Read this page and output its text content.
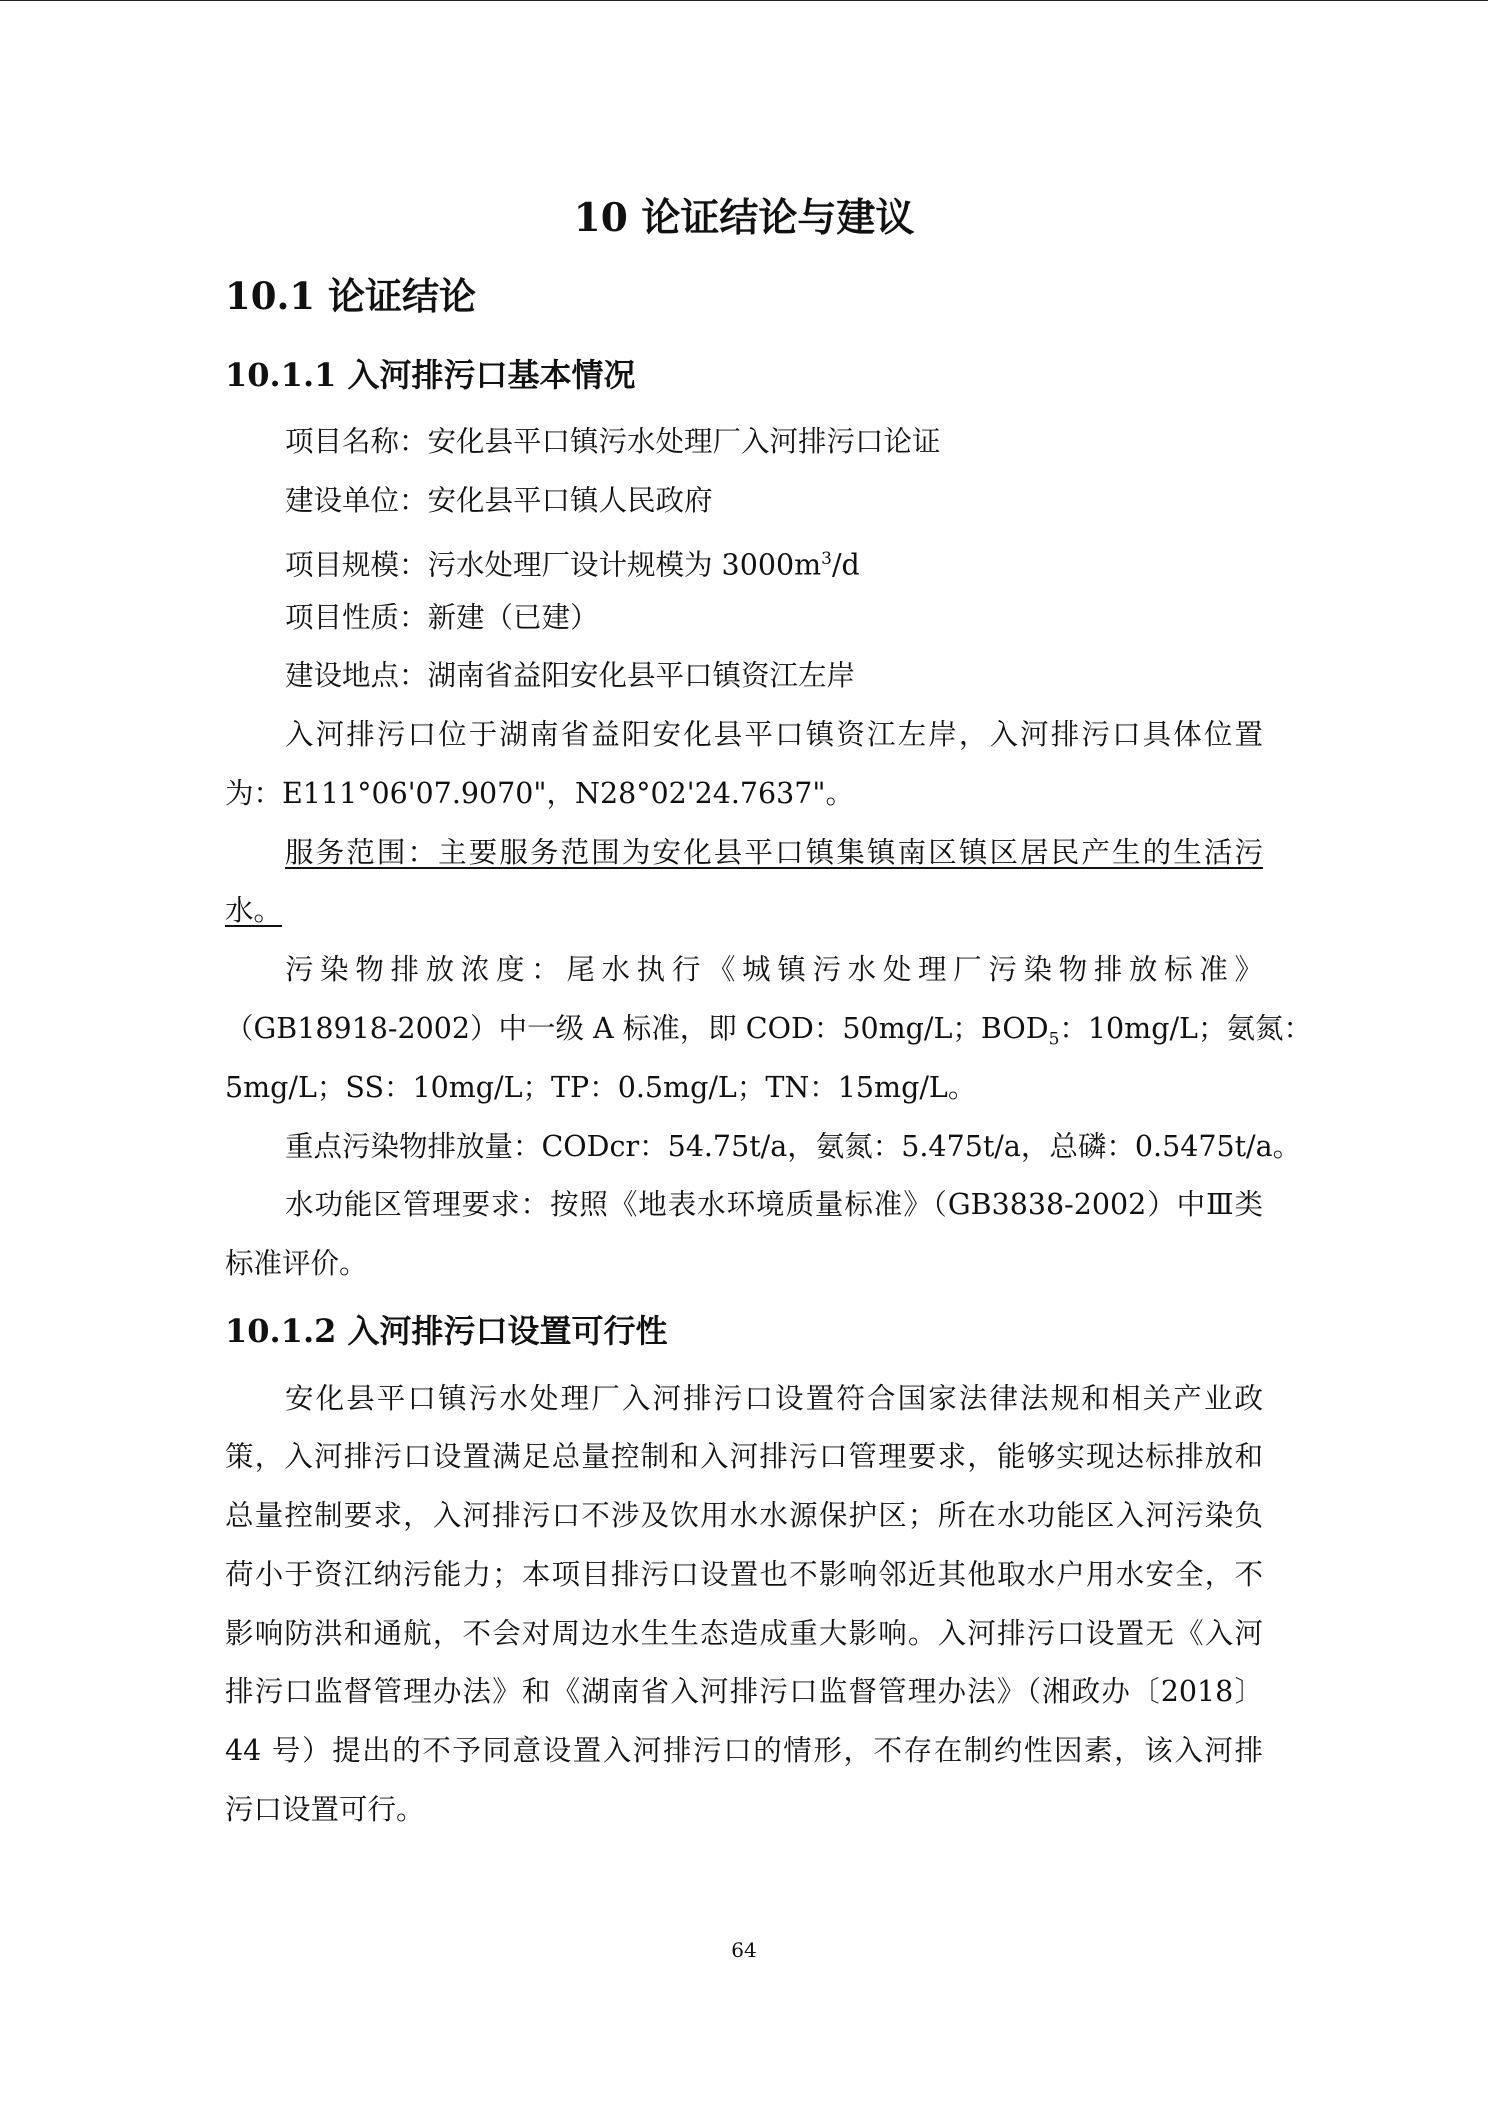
10 论证结论与建议
10.1 论证结论
10.1.1 入河排污口基本情况
项目名称：安化县平口镇污水处理厂入河排污口论证
建设单位：安化县平口镇人民政府
项目规模：污水处理厂设计规模为 $3000m^3/d$
项目性质：新建（已建）
建设地点：湖南省益阳安化县平口镇资江左岸
入河排污口位于湖南省益阳安化县平口镇资江左岸，入河排污口具体位置
为：E111°06'07.9070"，N28°02'24.7637"。
服务范围：主要服务范围为安化县平口镇集镇南区镇区居民产生的生活污
水。
污染物排放浓度：尾水执行《城镇污水处理厂污染物排放标准》
（GB18918-2002）中一级 A 标准，即 COD：50mg/L；$BOD_5$：10mg/L；氨氮：
5mg/L；SS：10mg/L；TP：0.5mg/L；TN：15mg/L。
重点污染物排放量：CODcr：54.75t/a，氨氮：5.475t/a，总磷：0.5475t/a。
水功能区管理要求：按照《地表水环境质量标准》（GB3838-2002）中Ⅲ类
标准评价。
10.1.2 入河排污口设置可行性
安化县平口镇污水处理厂入河排污口设置符合国家法律法规和相关产业政
策，入河排污口设置满足总量控制和入河排污口管理要求，能够实现达标排放和
总量控制要求，入河排污口不涉及饮用水水源保护区；所在水功能区入河污染负
荷小于资江纳污能力；本项目排污口设置也不影响邻近其他取水户用水安全，不
影响防洪和通航，不会对周边水生生态造成重大影响。入河排污口设置无《入河
排污口监督管理办法》和《湖南省入河排污口监督管理办法》（湘政办〔2018〕
44 号）提出的不予同意设置入河排污口的情形，不存在制约性因素，该入河排
污口设置可行。
64
